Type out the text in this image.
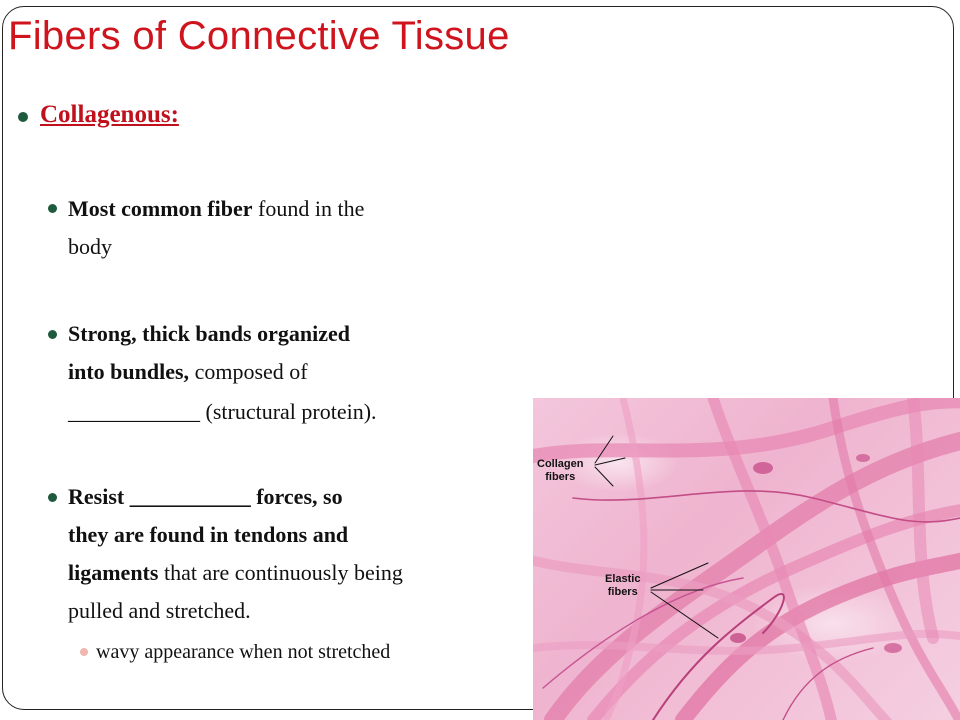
Fibers of Connective Tissue
Collagenous:
Most common fiber found in the
body
Strong, thick bands organized
into bundles, composed of
____________ (structural protein).
Resist ___________ forces, so
they are found in tendons and
ligaments that are continuously being
pulled and stretched.
wavy appearance when not stretched
Collagen
fibers
Elastic
fibers
